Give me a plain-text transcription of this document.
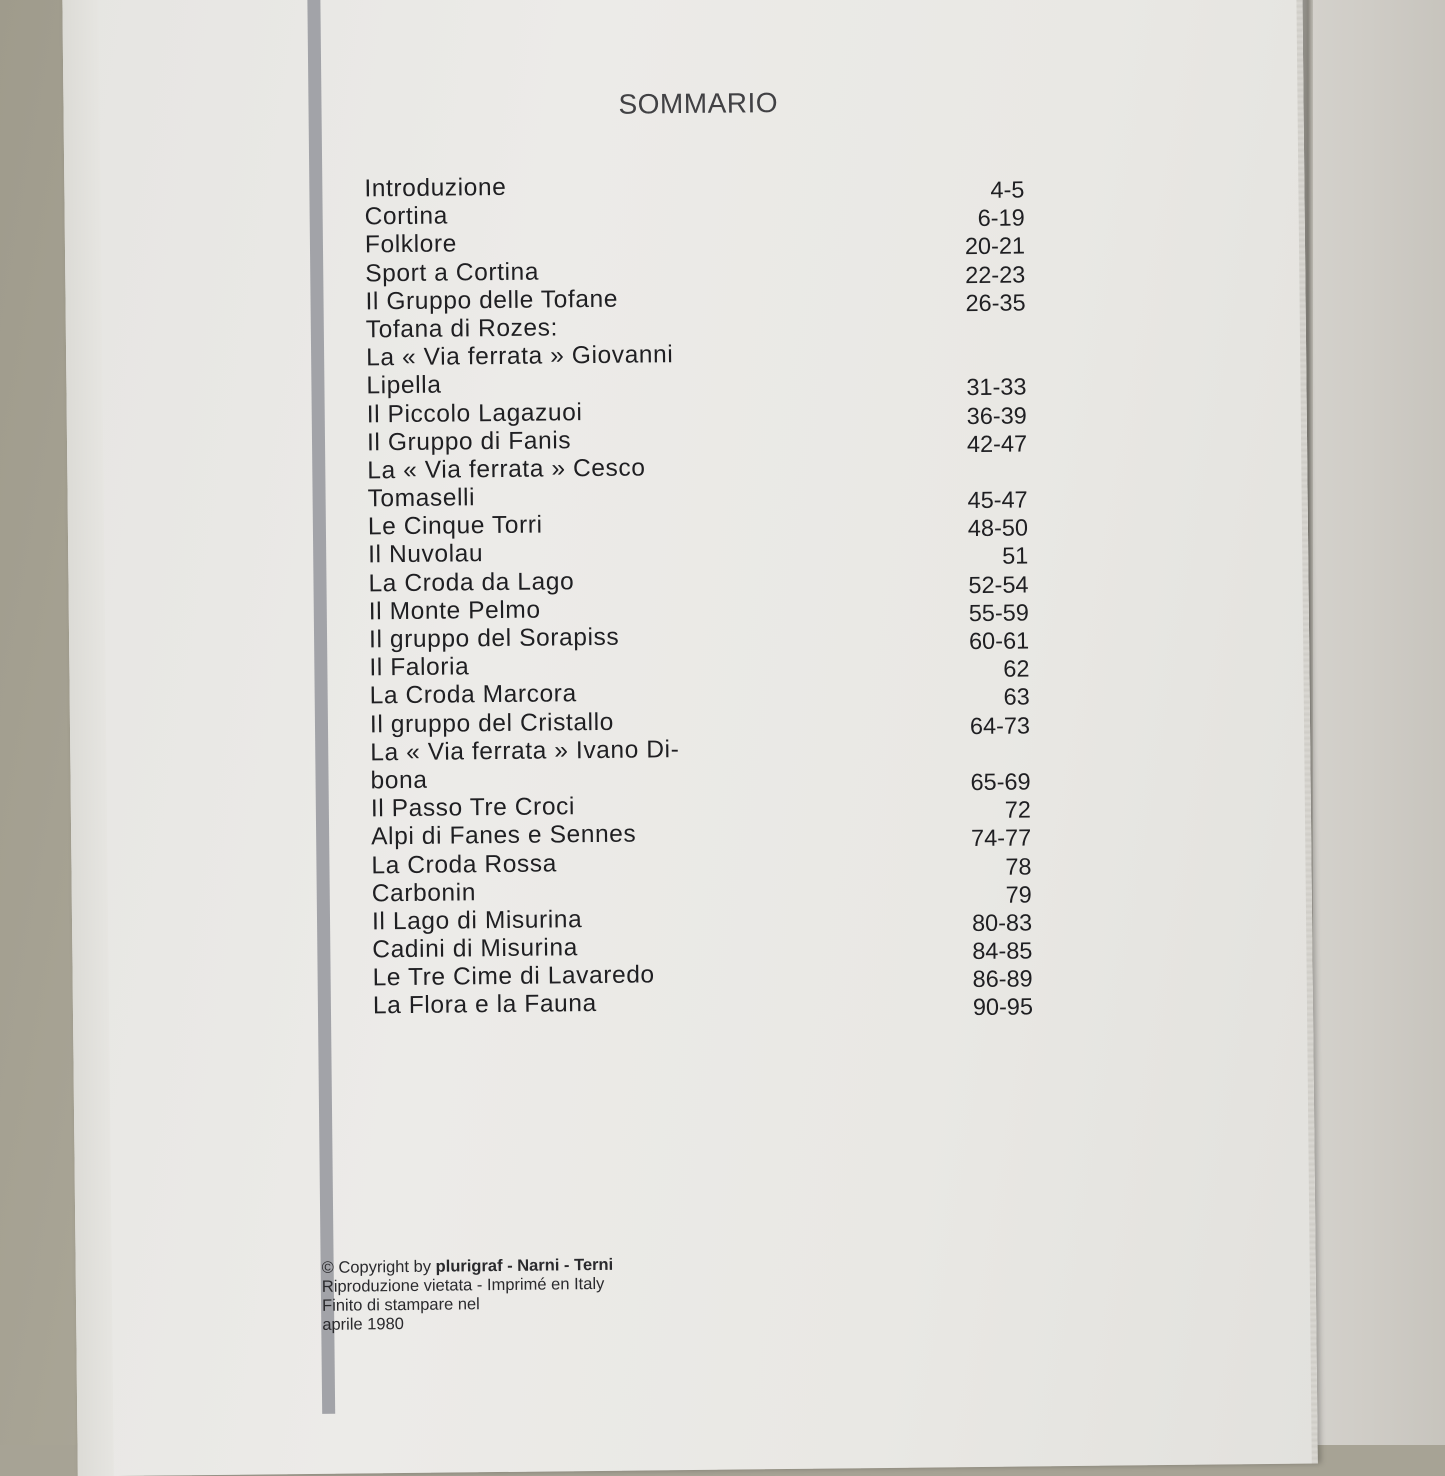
SOMMARIO
Introduzione	4-5
Cortina	6-19
Folklore	20-21
Sport a Cortina	22-23
Il Gruppo delle Tofane	26-35
Tofana di Rozes:
La « Via ferrata » Giovanni
Lipella	31-33
Il Piccolo Lagazuoi	36-39
Il Gruppo di Fanis	42-47
La « Via ferrata » Cesco
Tomaselli	45-47
Le Cinque Torri	48-50
Il Nuvolau	51
La Croda da Lago	52-54
Il Monte Pelmo	55-59
Il gruppo del Sorapiss	60-61
Il Faloria	62
La Croda Marcora	63
Il gruppo del Cristallo	64-73
La « Via ferrata » Ivano Di-
bona	65-69
Il Passo Tre Croci	72
Alpi di Fanes e Sennes	74-77
La Croda Rossa	78
Carbonin	79
Il Lago di Misurina	80-83
Cadini di Misurina	84-85
Le Tre Cime di Lavaredo	86-89
La Flora e la Fauna	90-95
© Copyright by plurigraf - Narni - Terni
Riproduzione vietata - Imprimé en Italy
Finito di stampare nel
aprile 1980
